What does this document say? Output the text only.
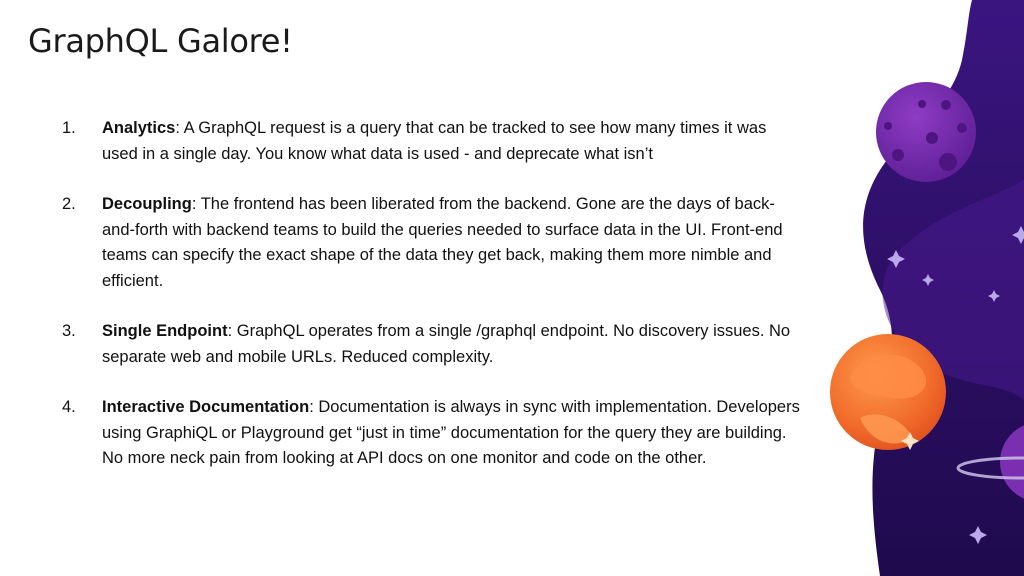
GraphQL Galore!
1.	Analytics: A GraphQL request is a query that can be tracked to see how many times it was used in a single day. You know what data is used - and deprecate what isn’t
2.	Decoupling: The frontend has been liberated from the backend. Gone are the days of back-and-forth with backend teams to build the queries needed to surface data in the UI. Front-end teams can specify the exact shape of the data they get back, making them more nimble and efficient.
3.	Single Endpoint: GraphQL operates from a single /graphql endpoint. No discovery issues. No separate web and mobile URLs. Reduced complexity.
4.	Interactive Documentation: Documentation is always in sync with implementation. Developers using GraphiQL or Playground get “just in time” documentation for the query they are building. No more neck pain from looking at API docs on one monitor and code on the other.
